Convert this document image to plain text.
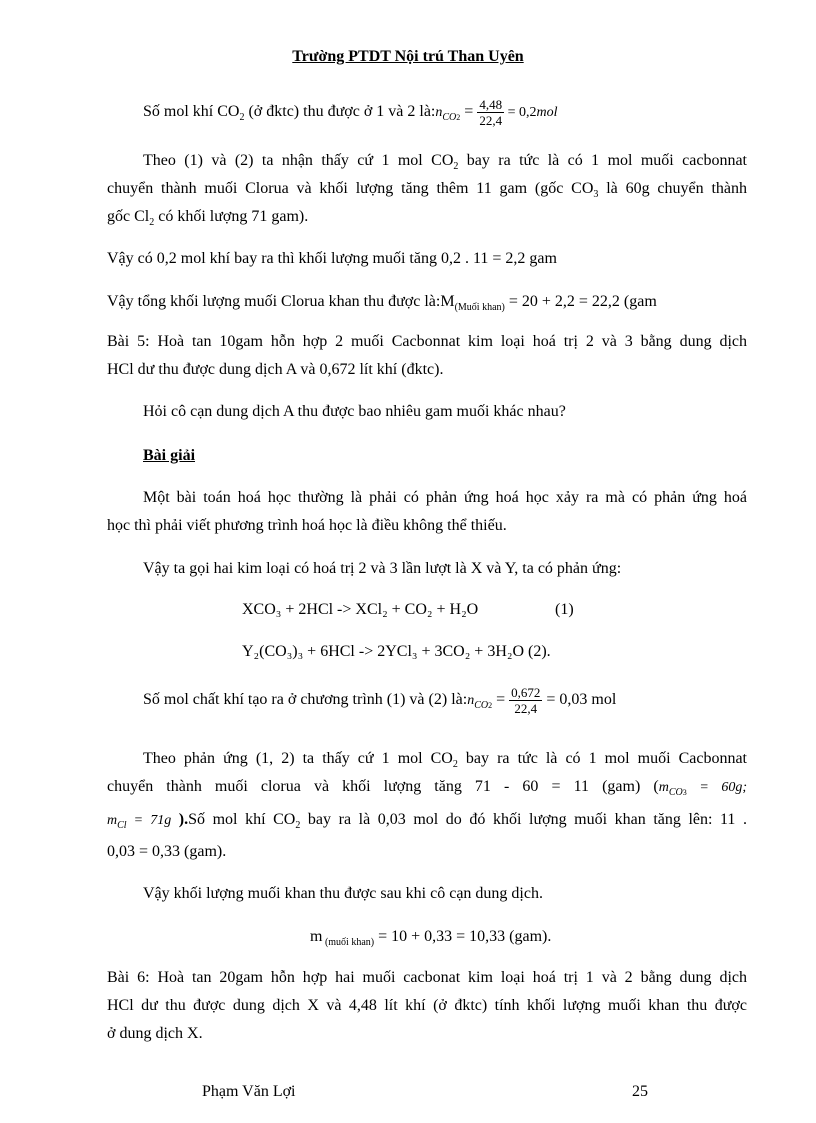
Trường PTDT Nội trú Than Uyên
Số mol khí $CO_2$ (ở đktc) thu được ở 1 và 2 $là:n_{CO2} = \frac{4,48}{22,4} = 0,2mol$
Theo (1) và (2) ta nhận thấy cứ 1 mol $CO_2$ bay ra tức là có 1 mol muối cacbonnat
chuyển thành muối Clorua và khối lượng tăng thêm 11 gam (gốc $CO_3$ là 60g chuyển thành
gốc $Cl_2$ có khối lượng 71 gam).
Vậy có 0,2 mol khí bay ra thì khối lượng muối tăng 0,2 . 11 = 2,2 gam
Vậy tổng khối lượng muối Clorua khan thu được $là:M_{(Muối khan)} = 20 + 2,2 = 22,2$ (gam
Bài 5: Hoà tan 10gam hỗn hợp 2 muối Cacbonnat kim loại hoá trị 2 và 3 bằng dung dịch
HCl dư thu được dung dịch A và 0,672 lít khí (đktc).
Hỏi cô cạn dung dịch A thu được bao nhiêu gam muối khác nhau?
Bài giải
Một bài toán hoá học thường là phải có phản ứng hoá học xảy ra mà có phản ứng hoá
học thì phải viết phương trình hoá học là điều không thể thiếu.
Vậy ta gọi hai kim loại có hoá trị 2 và 3 lần lượt là X và Y, ta có phản ứng:
XCO₃ + 2HCl -> XCl₂ + CO₂ + H₂O	(1)
Y₂(CO₃)₃ + 6HCl -> 2YCl₃ + 3CO₂ + 3H₂O (2).
Số mol chất khí tạo ra ở chương trình (1) và (2) $là:n_{CO2} = \frac{0,672}{22,4} = 0,03$ mol
Theo phản ứng (1, 2) ta thấy cứ 1 mol $CO_2$ bay ra tức là có 1 mol muối Cacbonnat
chuyển thành muối clorua và khối lượng tăng 71 - 60 = 11 (gam) ($m_{CO3} = 60g$;
$m_{Cl} = 71g$ ).Số mol khí $CO_2$ bay ra là 0,03 mol do đó khối lượng muối khan tăng lên: 11 .
0,03 = 0,33 (gam).
Vậy khối lượng muối khan thu được sau khi cô cạn dung dịch.
m $_{(muối khan)}$ = 10 + 0,33 = 10,33 (gam).
Bài 6: Hoà tan 20gam hỗn hợp hai muối cacbonat kim loại hoá trị 1 và 2 bằng dung dịch
HCl dư thu được dung dịch X và 4,48 lít khí (ở đktc) tính khối lượng muối khan thu được
ở dung dịch X.
Phạm Văn Lợi	25
